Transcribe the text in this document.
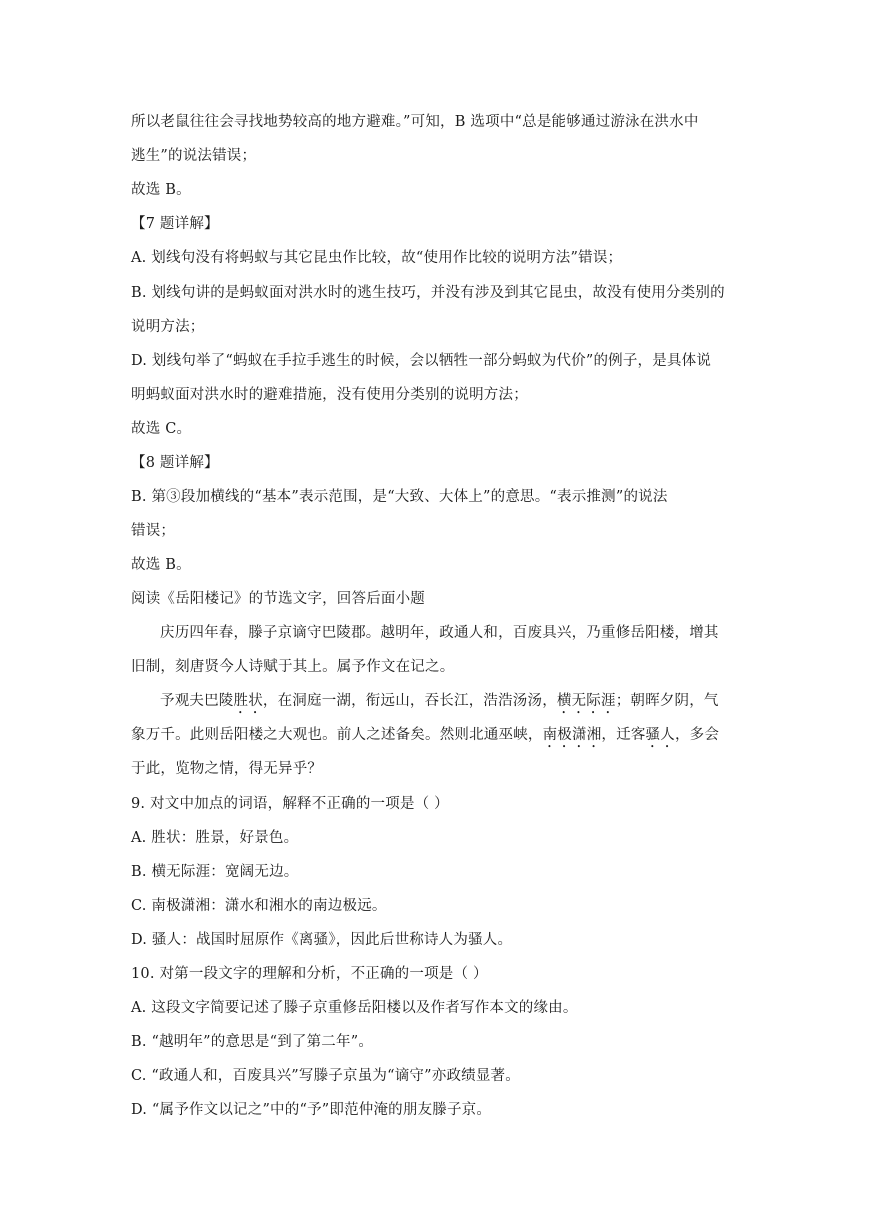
所以老鼠往往会寻找地势较高的地方避难。”可知，B 选项中“总是能够通过游泳在洪水中
逃生”的说法错误；
故选 B。
【7 题详解】
A. 划线句没有将蚂蚁与其它昆虫作比较，故“使用作比较的说明方法”错误；
B. 划线句讲的是蚂蚁面对洪水时的逃生技巧，并没有涉及到其它昆虫，故没有使用分类别的
说明方法；
D. 划线句举了“蚂蚁在手拉手逃生的时候，会以牺牲一部分蚂蚁为代价”的例子，是具体说
明蚂蚁面对洪水时的避难措施，没有使用分类别的说明方法；
故选 C。
【8 题详解】
B. 第③段加横线的“基本”表示范围，是“大致、大体上”的意思。“表示推测”的说法
错误；
故选 B。
阅读《岳阳楼记》的节选文字，回答后面小题
庆历四年春，滕子京谪守巴陵郡。越明年，政通人和，百废具兴，乃重修岳阳楼，增其
旧制，刻唐贤今人诗赋于其上。属予作文在记之。
予观夫巴陵胜状，在洞庭一湖，衔远山，吞长江，浩浩汤汤，横无际涯；朝晖夕阴，气
象万千。此则岳阳楼之大观也。前人之述备矣。然则北通巫峡，南极潇湘，迁客骚人，多会
于此，览物之情，得无异乎？
9. 对文中加点的词语，解释不正确的一项是（ ）
A. 胜状：胜景，好景色。
B. 横无际涯：宽阔无边。
C. 南极潇湘：潇水和湘水的南边极远。
D. 骚人：战国时屈原作《离骚》，因此后世称诗人为骚人。
10. 对第一段文字的理解和分析，不正确的一项是（ ）
A. 这段文字简要记述了滕子京重修岳阳楼以及作者写作本文的缘由。
B. “越明年”的意思是“到了第二年”。
C. “政通人和，百废具兴”写滕子京虽为“谪守”亦政绩显著。
D. “属予作文以记之”中的“予”即范仲淹的朋友滕子京。
